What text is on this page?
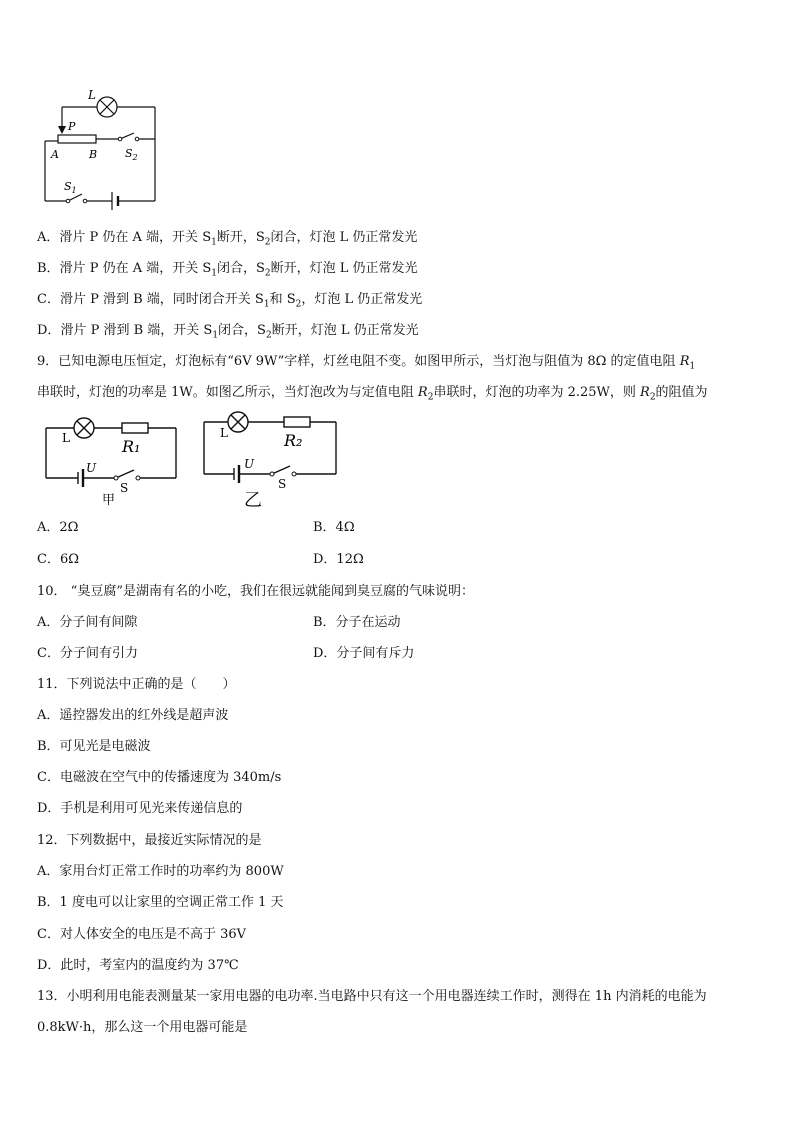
L
P
A	B	$S_2$
$S_1$
A．滑片 P 仍在 A 端，开关 $S_1$断开，$S_2$闭合，灯泡 L 仍正常发光
B．滑片 P 仍在 A 端，开关 $S_1$闭合，$S_2$断开，灯泡 L 仍正常发光
C．滑片 P 滑到 B 端，同时闭合开关 $S_1$和 $S_2$，灯泡 L 仍正常发光
D．滑片 P 滑到 B 端，开关 $S_1$闭合，$S_2$断开，灯泡 L 仍正常发光
9．已知电源电压恒定，灯泡标有“6V 9W”字样，灯丝电阻不变。如图甲所示，当灯泡与阻值为 8Ω 的定值电阻 $R_1$
串联时，灯泡的功率是 1W。如图乙所示，当灯泡改为与定值电阻 $R_2$串联时，灯泡的功率为 2.25W，则 $R_2$的阻值为
L	R₁
U
S
甲
L	R₂
U
S
乙
A．2Ω	B．4Ω
C．6Ω	D．12Ω
10． “臭豆腐”是湖南有名的小吃，我们在很远就能闻到臭豆腐的气味说明：
A．分子间有间隙	B．分子在运动
C．分子间有引力	D．分子间有斥力
11．下列说法中正确的是（　　）
A．遥控器发出的红外线是超声波
B．可见光是电磁波
C．电磁波在空气中的传播速度为 340m/s
D．手机是利用可见光来传递信息的
12．下列数据中，最接近实际情况的是
A．家用台灯正常工作时的功率约为 800W
B．1 度电可以让家里的空调正常工作 1 天
C．对人体安全的电压是不高于 36V
D．此时，考室内的温度约为 37℃
13．小明利用电能表测量某一家用电器的电功率.当电路中只有这一个用电器连续工作时，测得在 1h 内消耗的电能为
0.8kW·h，那么这一个用电器可能是
